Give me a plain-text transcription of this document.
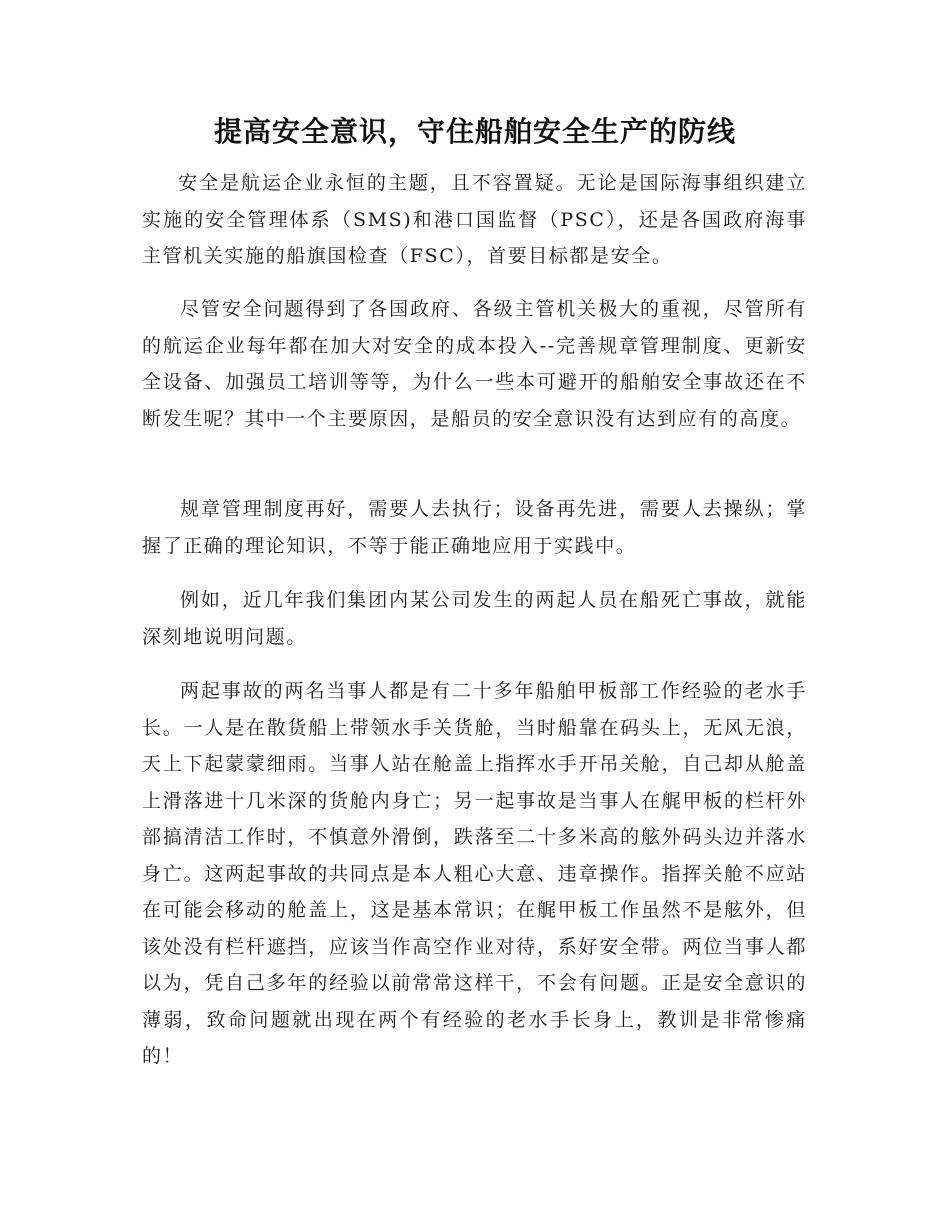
提高安全意识，守住船舶安全生产的防线

安全是航运企业永恒的主题，且不容置疑。无论是国际海事组织建立实施的安全管理体系（SMS)和港口国监督（PSC），还是各国政府海事主管机关实施的船旗国检查（FSC），首要目标都是安全。

尽管安全问题得到了各国政府、各级主管机关极大的重视，尽管所有的航运企业每年都在加大对安全的成本投入--完善规章管理制度、更新安全设备、加强员工培训等等，为什么一些本可避开的船舶安全事故还在不断发生呢？其中一个主要原因，是船员的安全意识没有达到应有的高度。

规章管理制度再好，需要人去执行；设备再先进，需要人去操纵；掌握了正确的理论知识，不等于能正确地应用于实践中。

例如，近几年我们集团内某公司发生的两起人员在船死亡事故，就能深刻地说明问题。

两起事故的两名当事人都是有二十多年船舶甲板部工作经验的老水手长。一人是在散货船上带领水手关货舱，当时船靠在码头上，无风无浪，天上下起蒙蒙细雨。当事人站在舱盖上指挥水手开吊关舱，自己却从舱盖上滑落进十几米深的货舱内身亡；另一起事故是当事人在艉甲板的栏杆外部搞清洁工作时，不慎意外滑倒，跌落至二十多米高的舷外码头边并落水身亡。这两起事故的共同点是本人粗心大意、违章操作。指挥关舱不应站在可能会移动的舱盖上，这是基本常识；在艉甲板工作虽然不是舷外，但该处没有栏杆遮挡，应该当作高空作业对待，系好安全带。两位当事人都以为，凭自己多年的经验以前常常这样干，不会有问题。正是安全意识的薄弱，致命问题就出现在两个有经验的老水手长身上，教训是非常惨痛的！
